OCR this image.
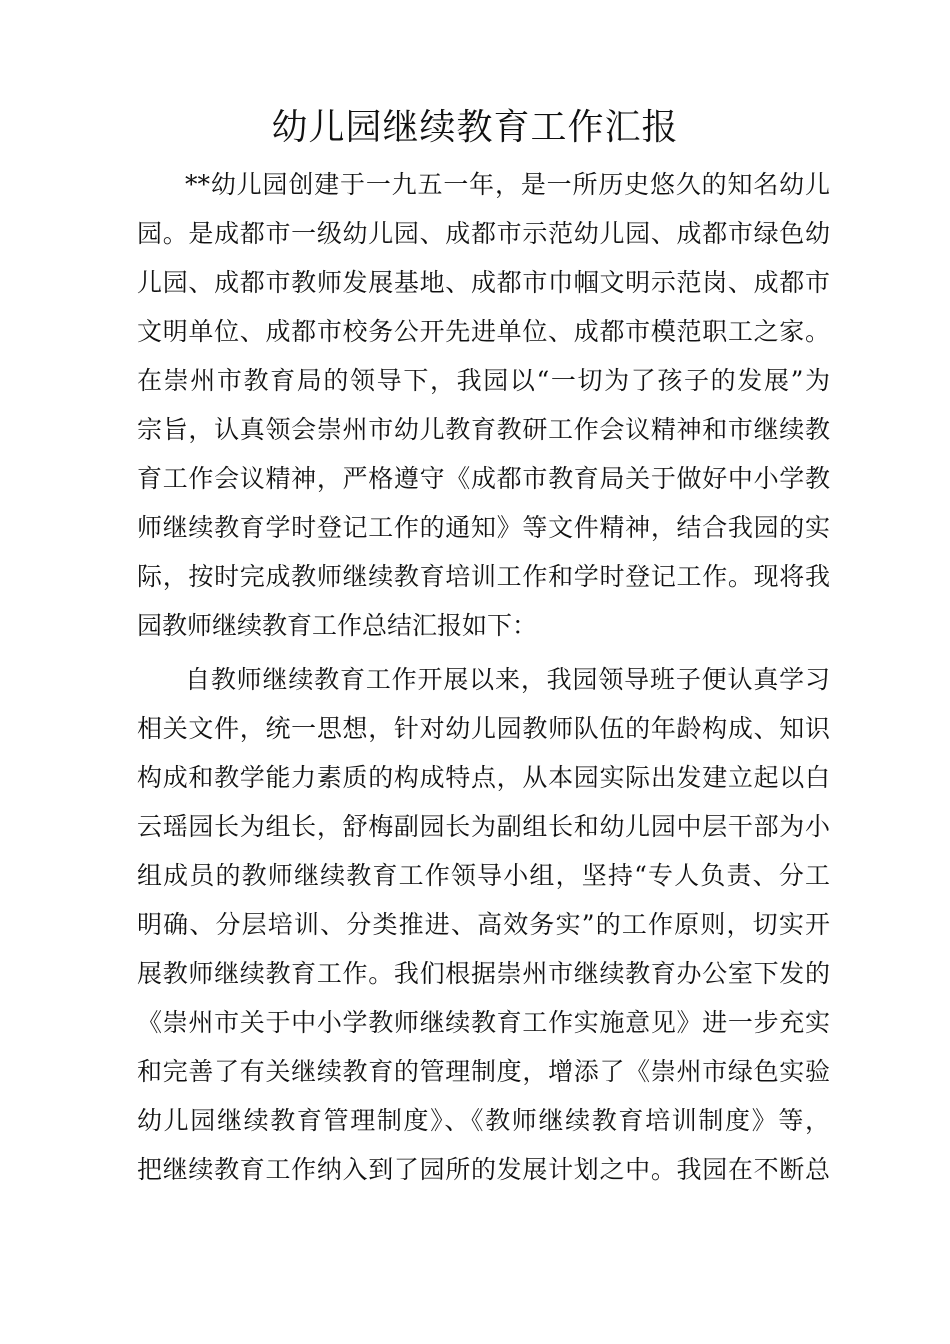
幼儿园继续教育工作汇报
**幼儿园创建于一九五一年，是一所历史悠久的知名幼儿
园。是成都市一级幼儿园、成都市示范幼儿园、成都市绿色幼
儿园、成都市教师发展基地、成都市巾帼文明示范岗、成都市
文明单位、成都市校务公开先进单位、成都市模范职工之家。
在崇州市教育局的领导下，我园以“一切为了孩子的发展”为
宗旨，认真领会崇州市幼儿教育教研工作会议精神和市继续教
育工作会议精神，严格遵守《成都市教育局关于做好中小学教
师继续教育学时登记工作的通知》等文件精神，结合我园的实
际，按时完成教师继续教育培训工作和学时登记工作。现将我
园教师继续教育工作总结汇报如下：
自教师继续教育工作开展以来，我园领导班子便认真学习
相关文件，统一思想，针对幼儿园教师队伍的年龄构成、知识
构成和教学能力素质的构成特点，从本园实际出发建立起以白
云瑶园长为组长，舒梅副园长为副组长和幼儿园中层干部为小
组成员的教师继续教育工作领导小组，坚持“专人负责、分工
明确、分层培训、分类推进、高效务实”的工作原则，切实开
展教师继续教育工作。我们根据崇州市继续教育办公室下发的
《崇州市关于中小学教师继续教育工作实施意见》进一步充实
和完善了有关继续教育的管理制度，增添了《崇州市绿色实验
幼儿园继续教育管理制度》、《教师继续教育培训制度》等，
把继续教育工作纳入到了园所的发展计划之中。我园在不断总
